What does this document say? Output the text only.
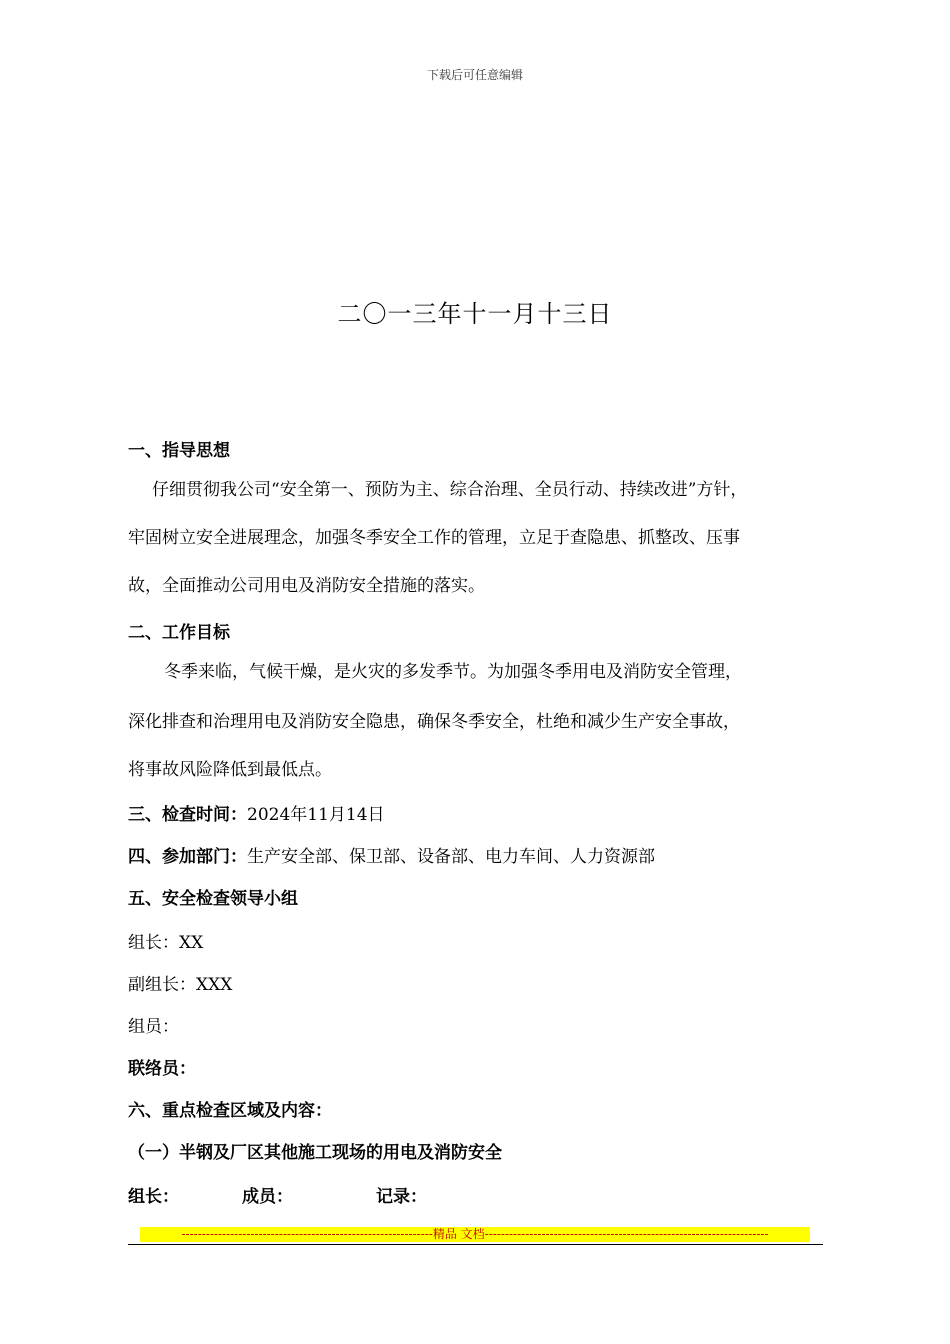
下载后可任意编辑
二〇一三年十一月十三日
一、指导思想
仔细贯彻我公司“安全第一、预防为主、综合治理、全员行动、持续改进”方针，
牢固树立安全进展理念，加强冬季安全工作的管理，立足于查隐患、抓整改、压事
故，全面推动公司用电及消防安全措施的落实。
二、工作目标
冬季来临，气候干燥，是火灾的多发季节。为加强冬季用电及消防安全管理，
深化排查和治理用电及消防安全隐患，确保冬季安全，杜绝和减少生产安全事故，
将事故风险降低到最低点。
三、检查时间：2024年11月14日
四、参加部门：生产安全部、保卫部、设备部、电力车间、人力资源部
五、安全检查领导小组
组长：XX
副组长：XXX
组员：
联络员：
六、重点检查区域及内容：
（一）半钢及厂区其他施工现场的用电及消防安全
组长：	成员：	记录：
--------------------------------------------------------------精品 文档----------------------------------------------------------------------
